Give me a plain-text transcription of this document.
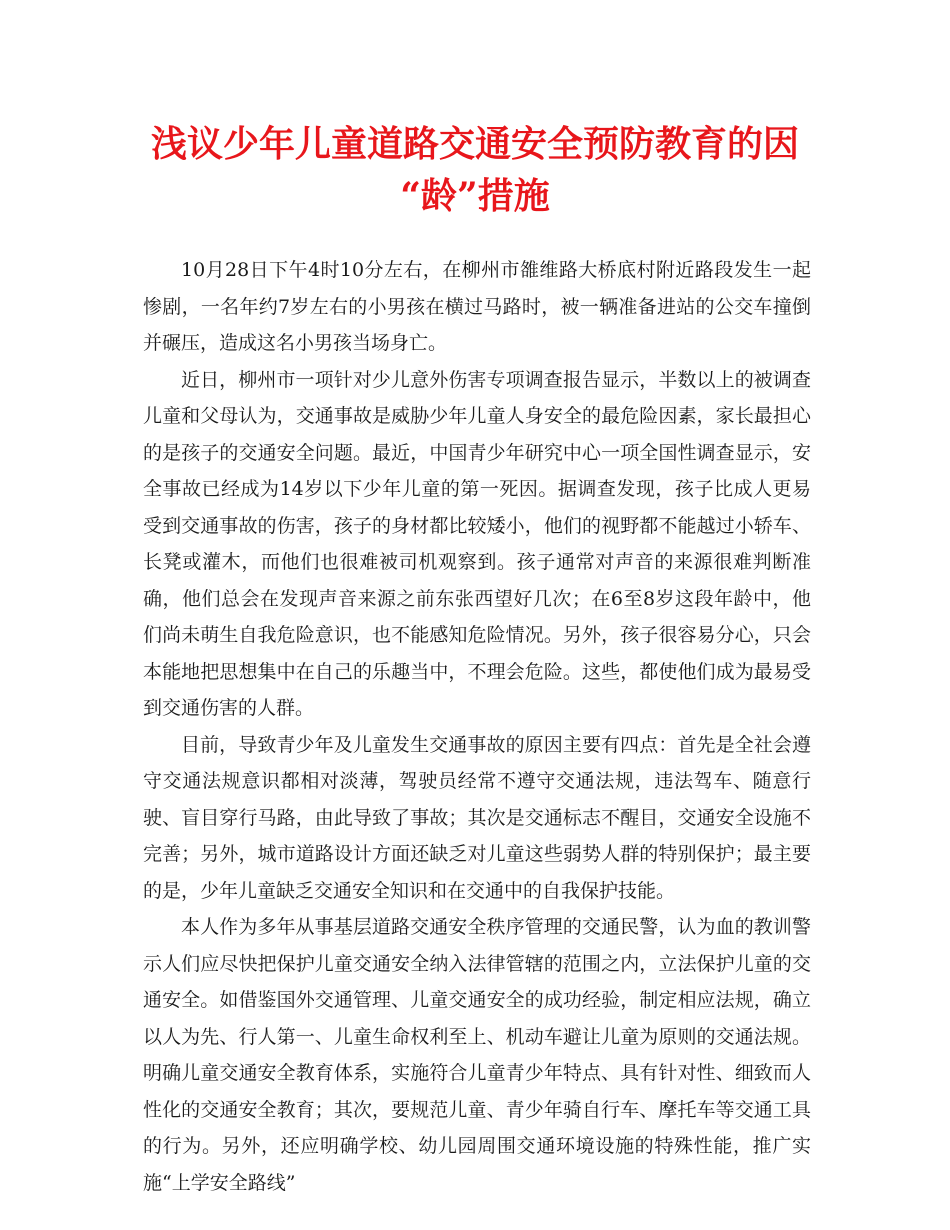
浅议少年儿童道路交通安全预防教育的因
“龄”措施

10月28日下午4时10分左右，在柳州市雒维路大桥底村附近路段发生一起惨剧，一名年约7岁左右的小男孩在横过马路时，被一辆准备进站的公交车撞倒并碾压，造成这名小男孩当场身亡。

近日，柳州市一项针对少儿意外伤害专项调查报告显示，半数以上的被调查儿童和父母认为，交通事故是威胁少年儿童人身安全的最危险因素，家长最担心的是孩子的交通安全问题。最近，中国青少年研究中心一项全国性调查显示，安全事故已经成为14岁以下少年儿童的第一死因。据调查发现，孩子比成人更易受到交通事故的伤害，孩子的身材都比较矮小，他们的视野都不能越过小轿车、长凳或灌木，而他们也很难被司机观察到。孩子通常对声音的来源很难判断准确，他们总会在发现声音来源之前东张西望好几次；在6至8岁这段年龄中，他们尚未萌生自我危险意识，也不能感知危险情况。另外，孩子很容易分心，只会本能地把思想集中在自己的乐趣当中，不理会危险。这些，都使他们成为最易受到交通伤害的人群。

目前，导致青少年及儿童发生交通事故的原因主要有四点：首先是全社会遵守交通法规意识都相对淡薄，驾驶员经常不遵守交通法规，违法驾车、随意行驶、盲目穿行马路，由此导致了事故；其次是交通标志不醒目，交通安全设施不完善；另外，城市道路设计方面还缺乏对儿童这些弱势人群的特别保护；最主要的是，少年儿童缺乏交通安全知识和在交通中的自我保护技能。

本人作为多年从事基层道路交通安全秩序管理的交通民警，认为血的教训警示人们应尽快把保护儿童交通安全纳入法律管辖的范围之内，立法保护儿童的交通安全。如借鉴国外交通管理、儿童交通安全的成功经验，制定相应法规，确立以人为先、行人第一、儿童生命权利至上、机动车避让儿童为原则的交通法规。明确儿童交通安全教育体系，实施符合儿童青少年特点、具有针对性、细致而人性化的交通安全教育；其次，要规范儿童、青少年骑自行车、摩托车等交通工具的行为。另外，还应明确学校、幼儿园周围交通环境设施的特殊性能，推广实施“上学安全路线”
